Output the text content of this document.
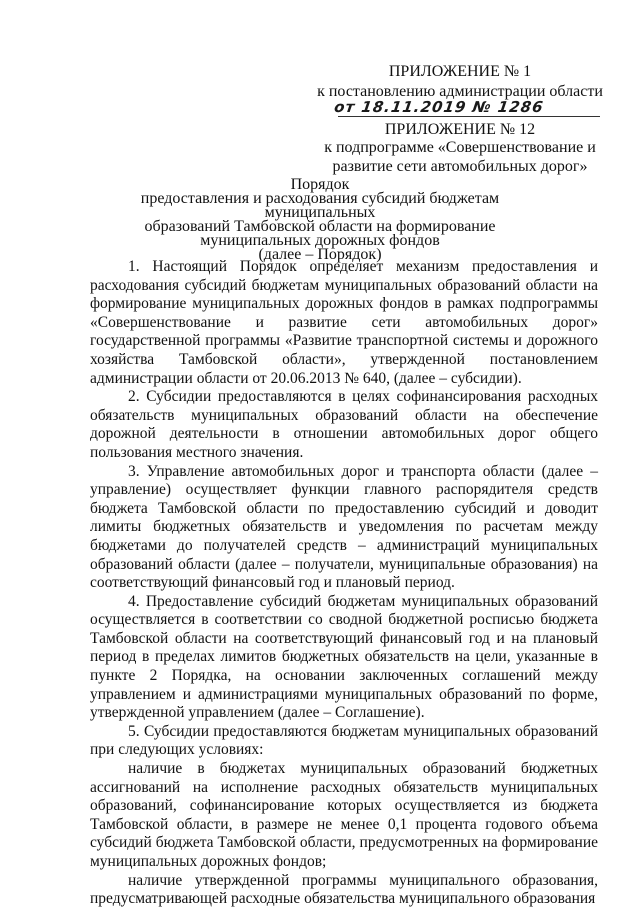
ПРИЛОЖЕНИЕ № 1
к постановлению администрации области
от 18.11.2019 № 1286
ПРИЛОЖЕНИЕ № 12
к подпрограмме «Совершенствование и
развитие сети автомобильных дорог»
Порядок
предоставления и расходования субсидий бюджетам муниципальных
образований Тамбовской области на формирование
муниципальных дорожных фондов
(далее – Порядок)

1. Настоящий Порядок определяет механизм предоставления и расходования субсидий бюджетам муниципальных образований области на формирование муниципальных дорожных фондов в рамках подпрограммы «Совершенствование и развитие сети автомобильных дорог» государственной программы «Развитие транспортной системы и дорожного хозяйства Тамбовской области», утвержденной постановлением администрации области от 20.06.2013 № 640, (далее – субсидии).

2. Субсидии предоставляются в целях софинансирования расходных обязательств муниципальных образований области на обеспечение дорожной деятельности в отношении автомобильных дорог общего пользования местного значения.

3. Управление автомобильных дорог и транспорта области (далее – управление) осуществляет функции главного распорядителя средств бюджета Тамбовской области по предоставлению субсидий и доводит лимиты бюджетных обязательств и уведомления по расчетам между бюджетами до получателей средств – администраций муниципальных образований области (далее – получатели, муниципальные образования) на соответствующий финансовый год и плановый период.

4. Предоставление субсидий бюджетам муниципальных образований осуществляется в соответствии со сводной бюджетной росписью бюджета Тамбовской области на соответствующий финансовый год и на плановый период в пределах лимитов бюджетных обязательств на цели, указанные в пункте 2 Порядка, на основании заключенных соглашений между управлением и администрациями муниципальных образований по форме, утвержденной управлением (далее – Соглашение).

5. Субсидии предоставляются бюджетам муниципальных образований при следующих условиях:

наличие в бюджетах муниципальных образований бюджетных ассигнований на исполнение расходных обязательств муниципальных образований, софинансирование которых осуществляется из бюджета Тамбовской области, в размере не менее 0,1 процента годового объема субсидий бюджета Тамбовской области, предусмотренных на формирование муниципальных дорожных фондов;

наличие утвержденной программы муниципального образования, предусматривающей расходные обязательства муниципального образования
